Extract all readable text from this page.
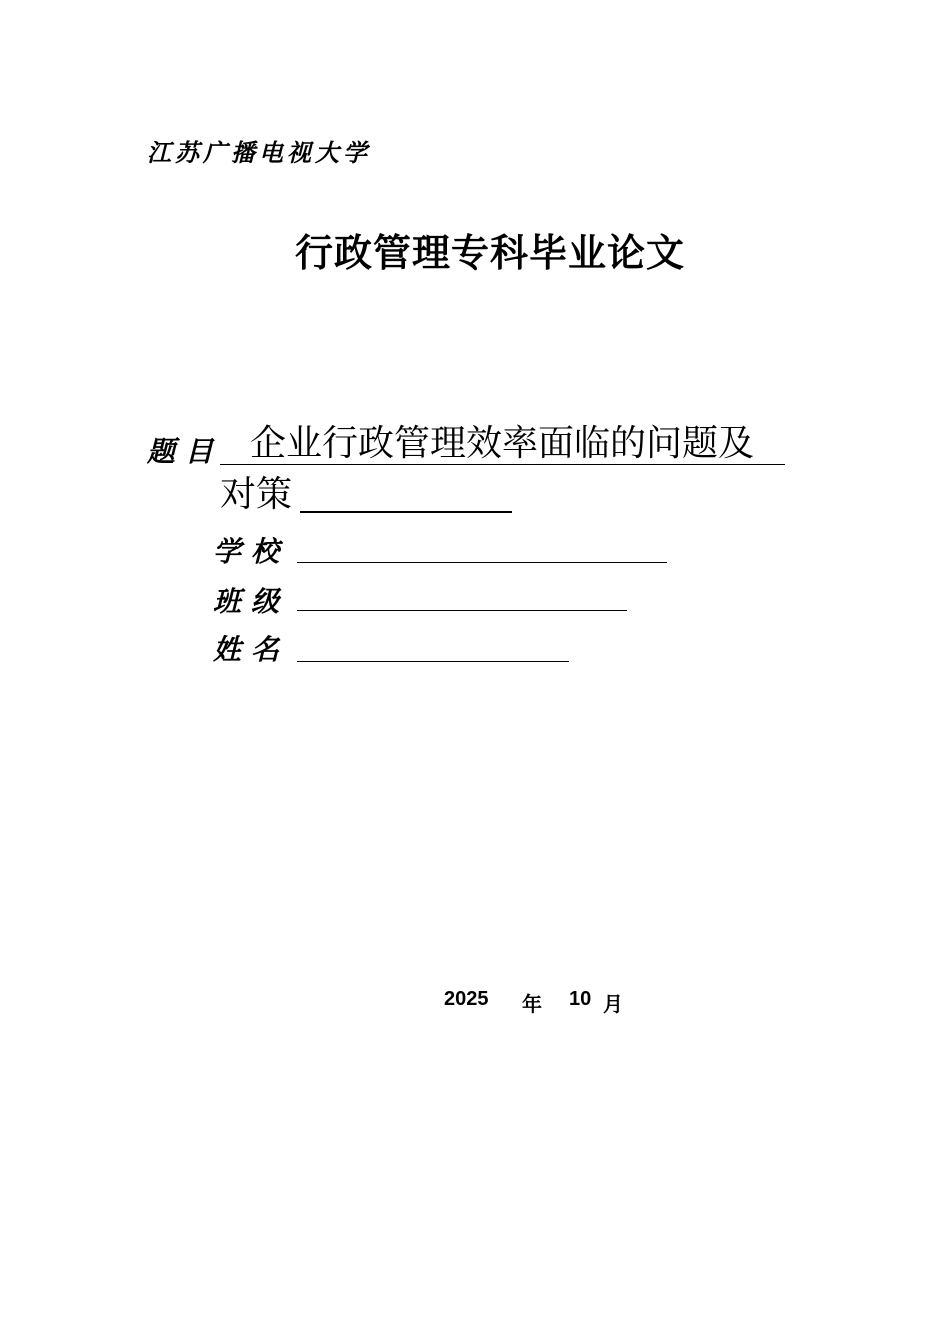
江苏广播电视大学
行政管理专科毕业论文
题目 企业行政管理效率面临的问题及
对策
学校
班级
姓名
2025 年 10 月
